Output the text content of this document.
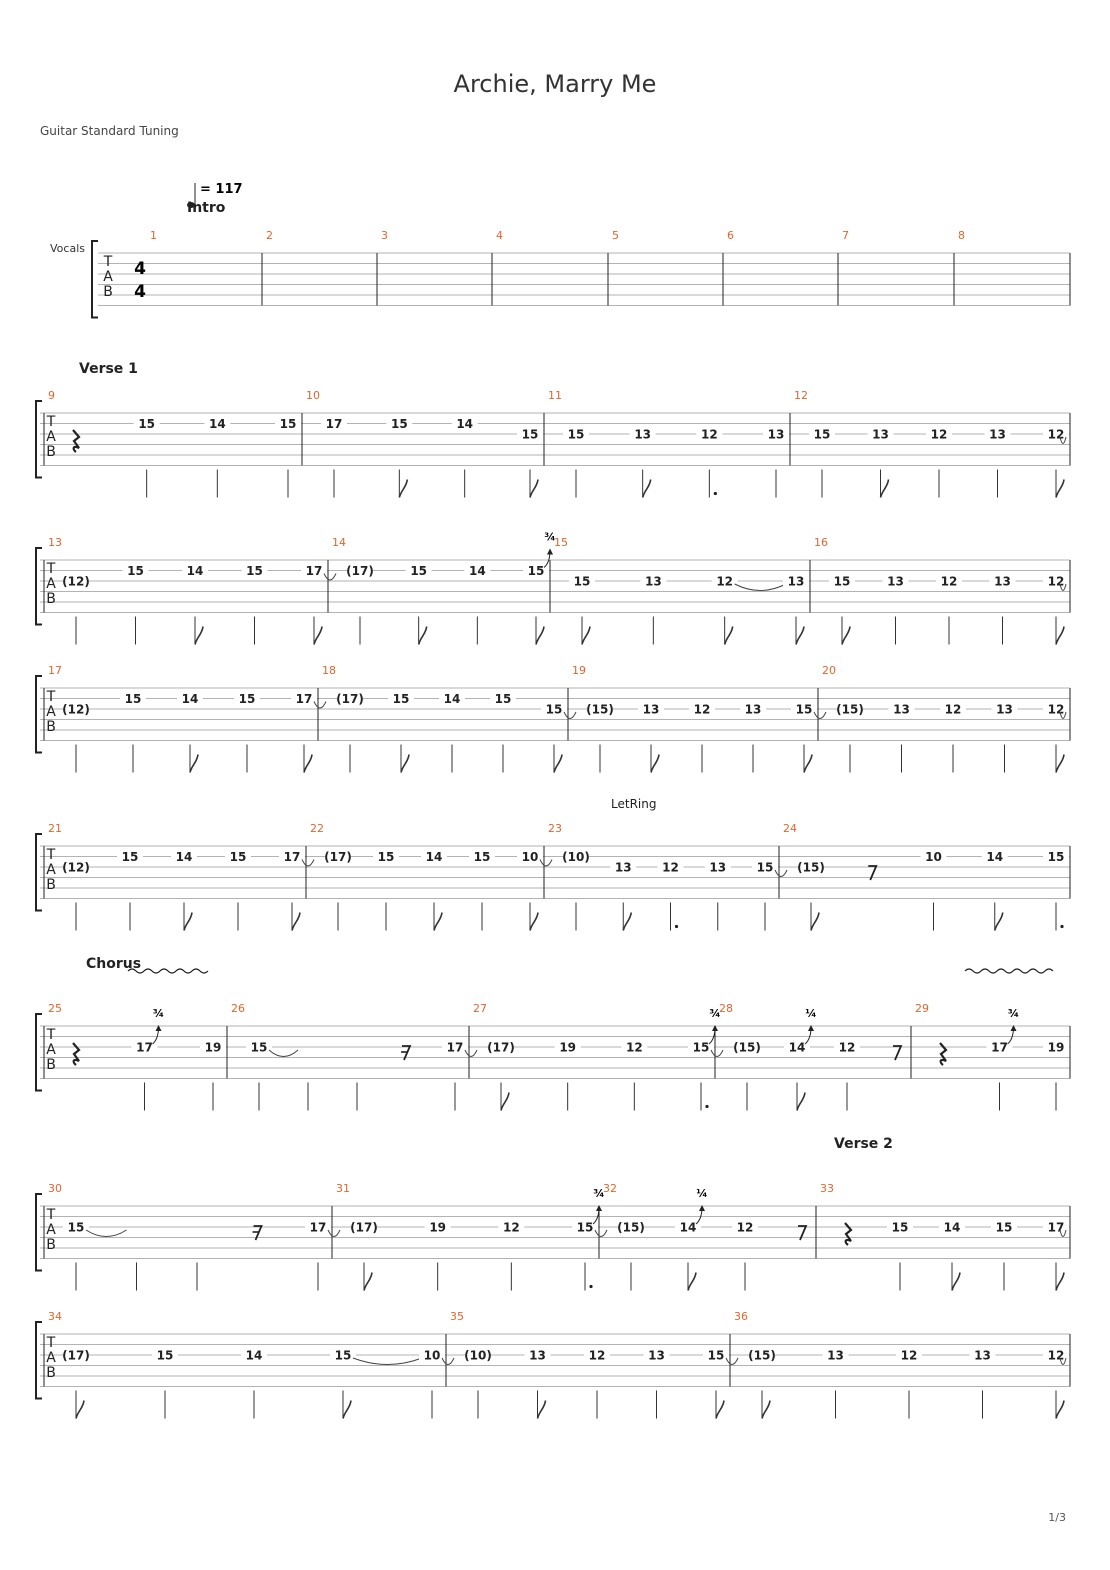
Archie, Marry Me
Guitar Standard Tuning
T
A
B
4
4
Vocals
= 117
1	2	3	4	5	6	7	8
T
A
B
9
15	14	15
10
17	15	14
15
11
15	13	12	13
12
15	13	12	13	12
T
A
B
13
(12)
15	14	15	17
14
(17)	15	14	15
¾
15
15	13	12	13
16
15	13	12	13	12
T
A
B
17
(12)
15	14	15	17
18
(17) 15	14	15
15
19
(15) 13	12	13	15
20
(15) 13	12	13	12
T
A
B
21
(12)
15	14	15	17
22
(17) 15	14	15	10
23
(10)
13	12	13	15
24
(15)
10	14	15
T
A
B
25
17
¾
19
26
15	17
27
(17)	19	12	15
¾
28
(15) 14
¼
12
29
17
¾
19
T
A
B
30
15	17
31
(17)	19	12	15
¾
32
(15)	14
¼
12
33
15	14	15	17
T
A
B
34
(17)	15	14	15	10
35
(10)	13	12	13	15
36
(15)	13	12	13	12
Intro
Verse 1
LetRing
Chorus
Verse 2
1/3
